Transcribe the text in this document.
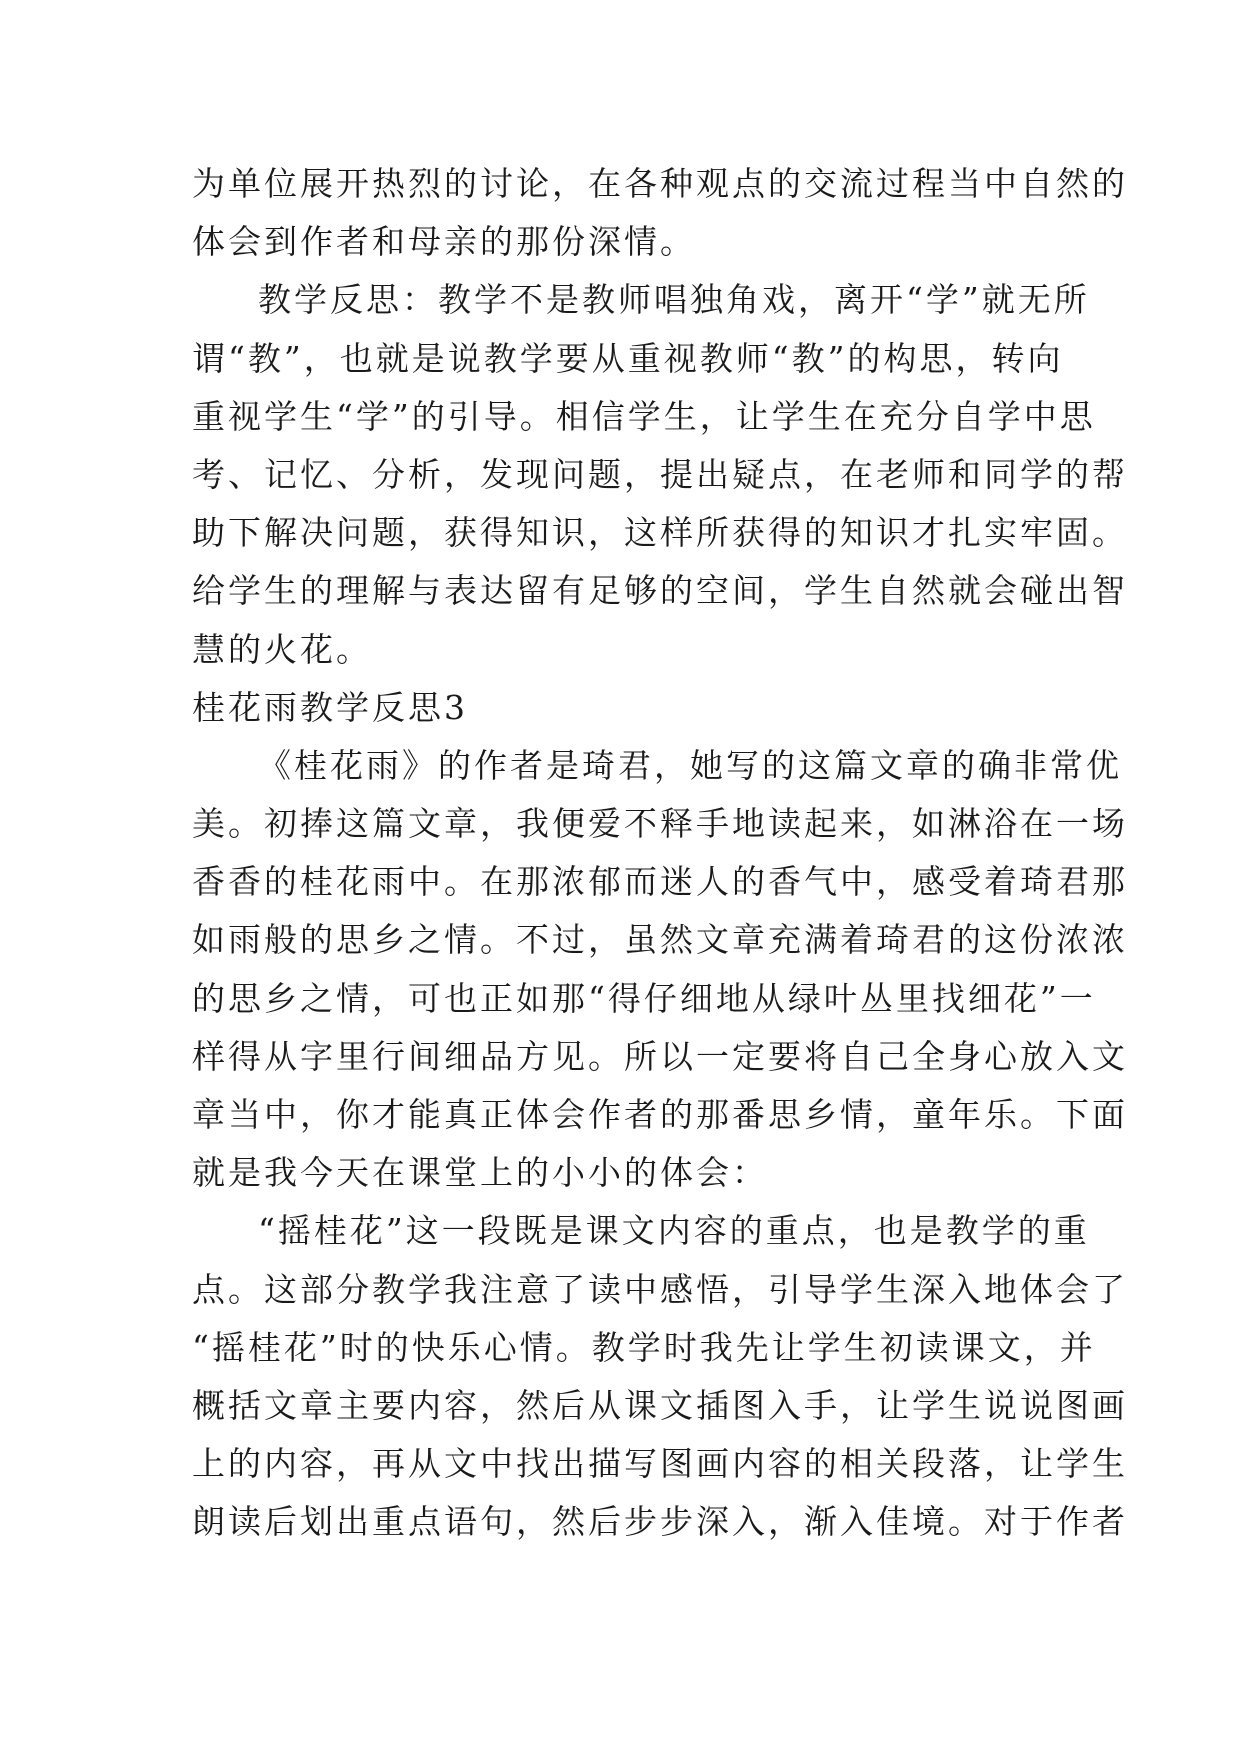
为单位展开热烈的讨论，在各种观点的交流过程当中自然的
体会到作者和母亲的那份深情。
教学反思：教学不是教师唱独角戏，离开“学”就无所
谓“教”，也就是说教学要从重视教师“教”的构思，转向
重视学生“学”的引导。相信学生，让学生在充分自学中思
考、记忆、分析，发现问题，提出疑点，在老师和同学的帮
助下解决问题，获得知识，这样所获得的知识才扎实牢固。
给学生的理解与表达留有足够的空间，学生自然就会碰出智
慧的火花。
桂花雨教学反思3
《桂花雨》的作者是琦君，她写的这篇文章的确非常优
美。初捧这篇文章，我便爱不释手地读起来，如淋浴在一场
香香的桂花雨中。在那浓郁而迷人的香气中，感受着琦君那
如雨般的思乡之情。不过，虽然文章充满着琦君的这份浓浓
的思乡之情，可也正如那“得仔细地从绿叶丛里找细花”一
样得从字里行间细品方见。所以一定要将自己全身心放入文
章当中，你才能真正体会作者的那番思乡情，童年乐。下面
就是我今天在课堂上的小小的体会：
“摇桂花”这一段既是课文内容的重点，也是教学的重
点。这部分教学我注意了读中感悟，引导学生深入地体会了
“摇桂花”时的快乐心情。教学时我先让学生初读课文，并
概括文章主要内容，然后从课文插图入手，让学生说说图画
上的内容，再从文中找出描写图画内容的相关段落，让学生
朗读后划出重点语句，然后步步深入，渐入佳境。对于作者
